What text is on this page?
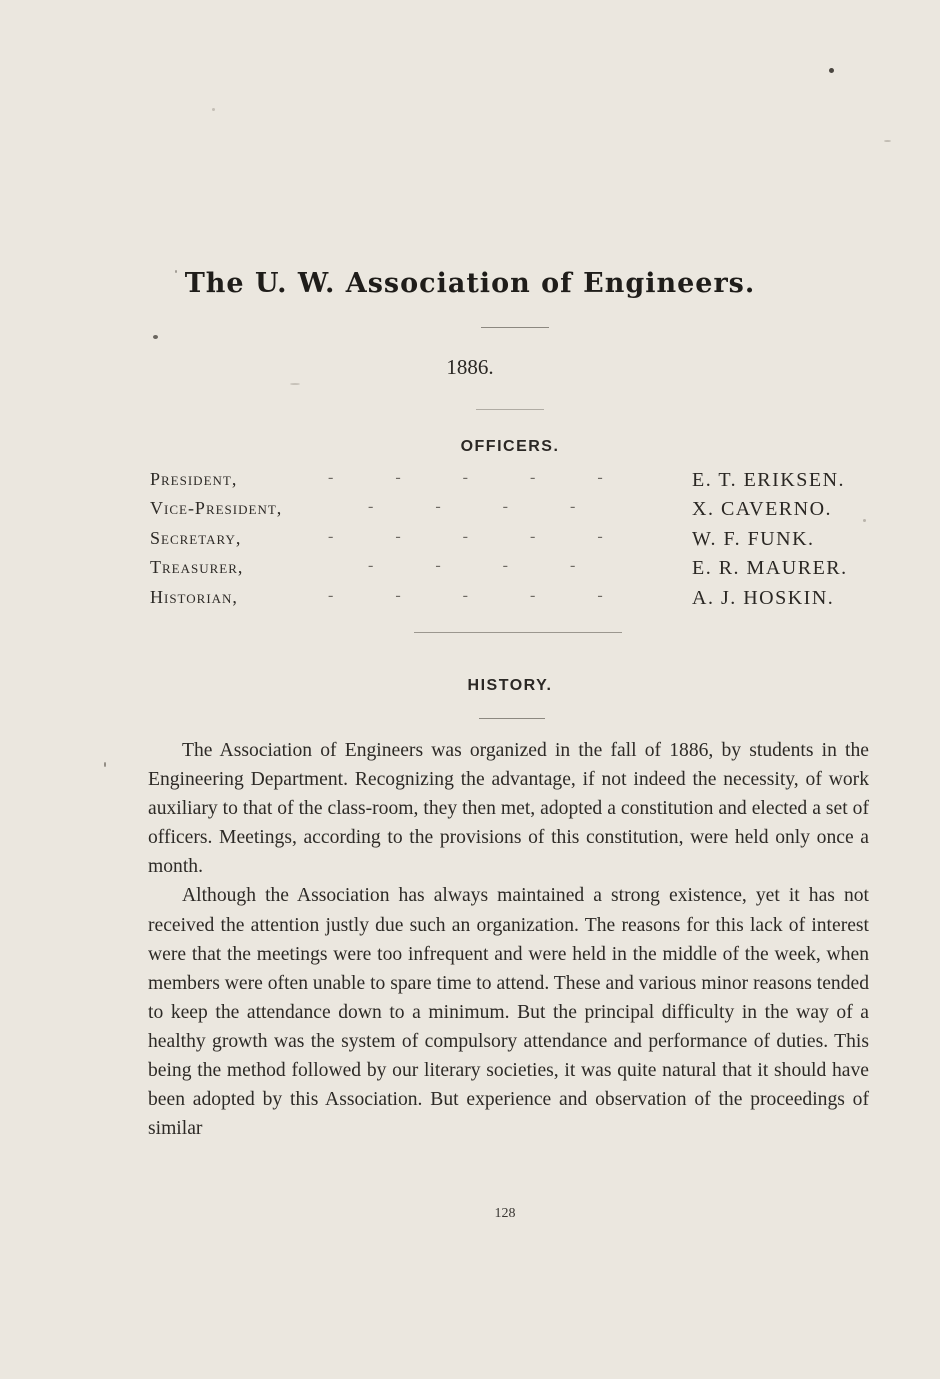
The U. W. Association of Engineers.
1886.
OFFICERS.
President,	- - - - -	E. T. ERIKSEN.
Vice-President,	- - - -	X. CAVERNO.
Secretary,	- - - - -	W. F. FUNK.
Treasurer,	- - - -	E. R. MAURER.
Historian,	- - - - -	A. J. HOSKIN.
HISTORY.

The Association of Engineers was organized in the fall of 1886, by students in the Engineering Department. Recognizing the advantage, if not indeed the necessity, of work auxiliary to that of the class-room, they then met, adopted a constitution and elected a set of officers. Meetings, according to the provisions of this constitution, were held only once a month.

Although the Association has always maintained a strong existence, yet it has not received the attention justly due such an organization. The reasons for this lack of interest were that the meetings were too infrequent and were held in the middle of the week, when members were often unable to spare time to attend. These and various minor reasons tended to keep the attendance down to a minimum. But the principal difficulty in the way of a healthy growth was the system of compulsory attendance and performance of duties. This being the method followed by our literary societies, it was quite natural that it should have been adopted by this Association. But experience and observation of the proceedings of similar

128
